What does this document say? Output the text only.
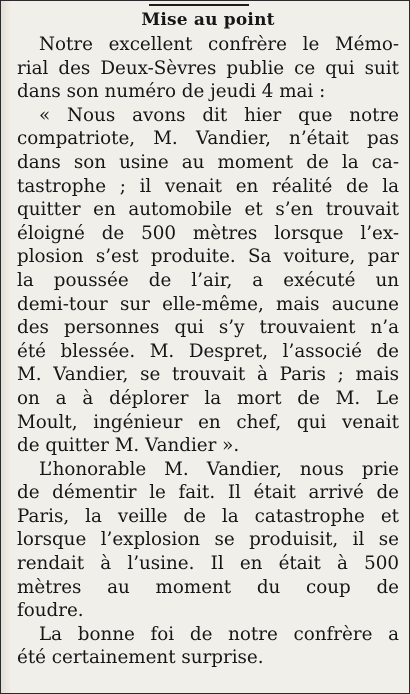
Mise au point
Notre excellent confrère le Mémo-
rial des Deux-Sèvres publie ce qui suit
dans son numéro de jeudi 4 mai :
« Nous avons dit hier que notre
compatriote, M. Vandier, n’était pas
dans son usine au moment de la ca-
tastrophe ; il venait en réalité de la
quitter en automobile et s’en trouvait
éloigné de 500 mètres lorsque l’ex-
plosion s’est produite. Sa voiture, par
la poussée de l’air, a exécuté un
demi-tour sur elle-même, mais aucune
des personnes qui s’y trouvaient n’a
été blessée. M. Despret, l’associé de
M. Vandier, se trouvait à Paris ; mais
on a à déplorer la mort de M. Le
Moult, ingénieur en chef, qui venait
de quitter M. Vandier ».
L’honorable M. Vandier, nous prie
de démentir le fait. Il était arrivé de
Paris, la veille de la catastrophe et
lorsque l’explosion se produisit, il se
rendait à l’usine. Il en était à 500
mètres au moment du coup de
foudre.
La bonne foi de notre confrère a
été certainement surprise.
